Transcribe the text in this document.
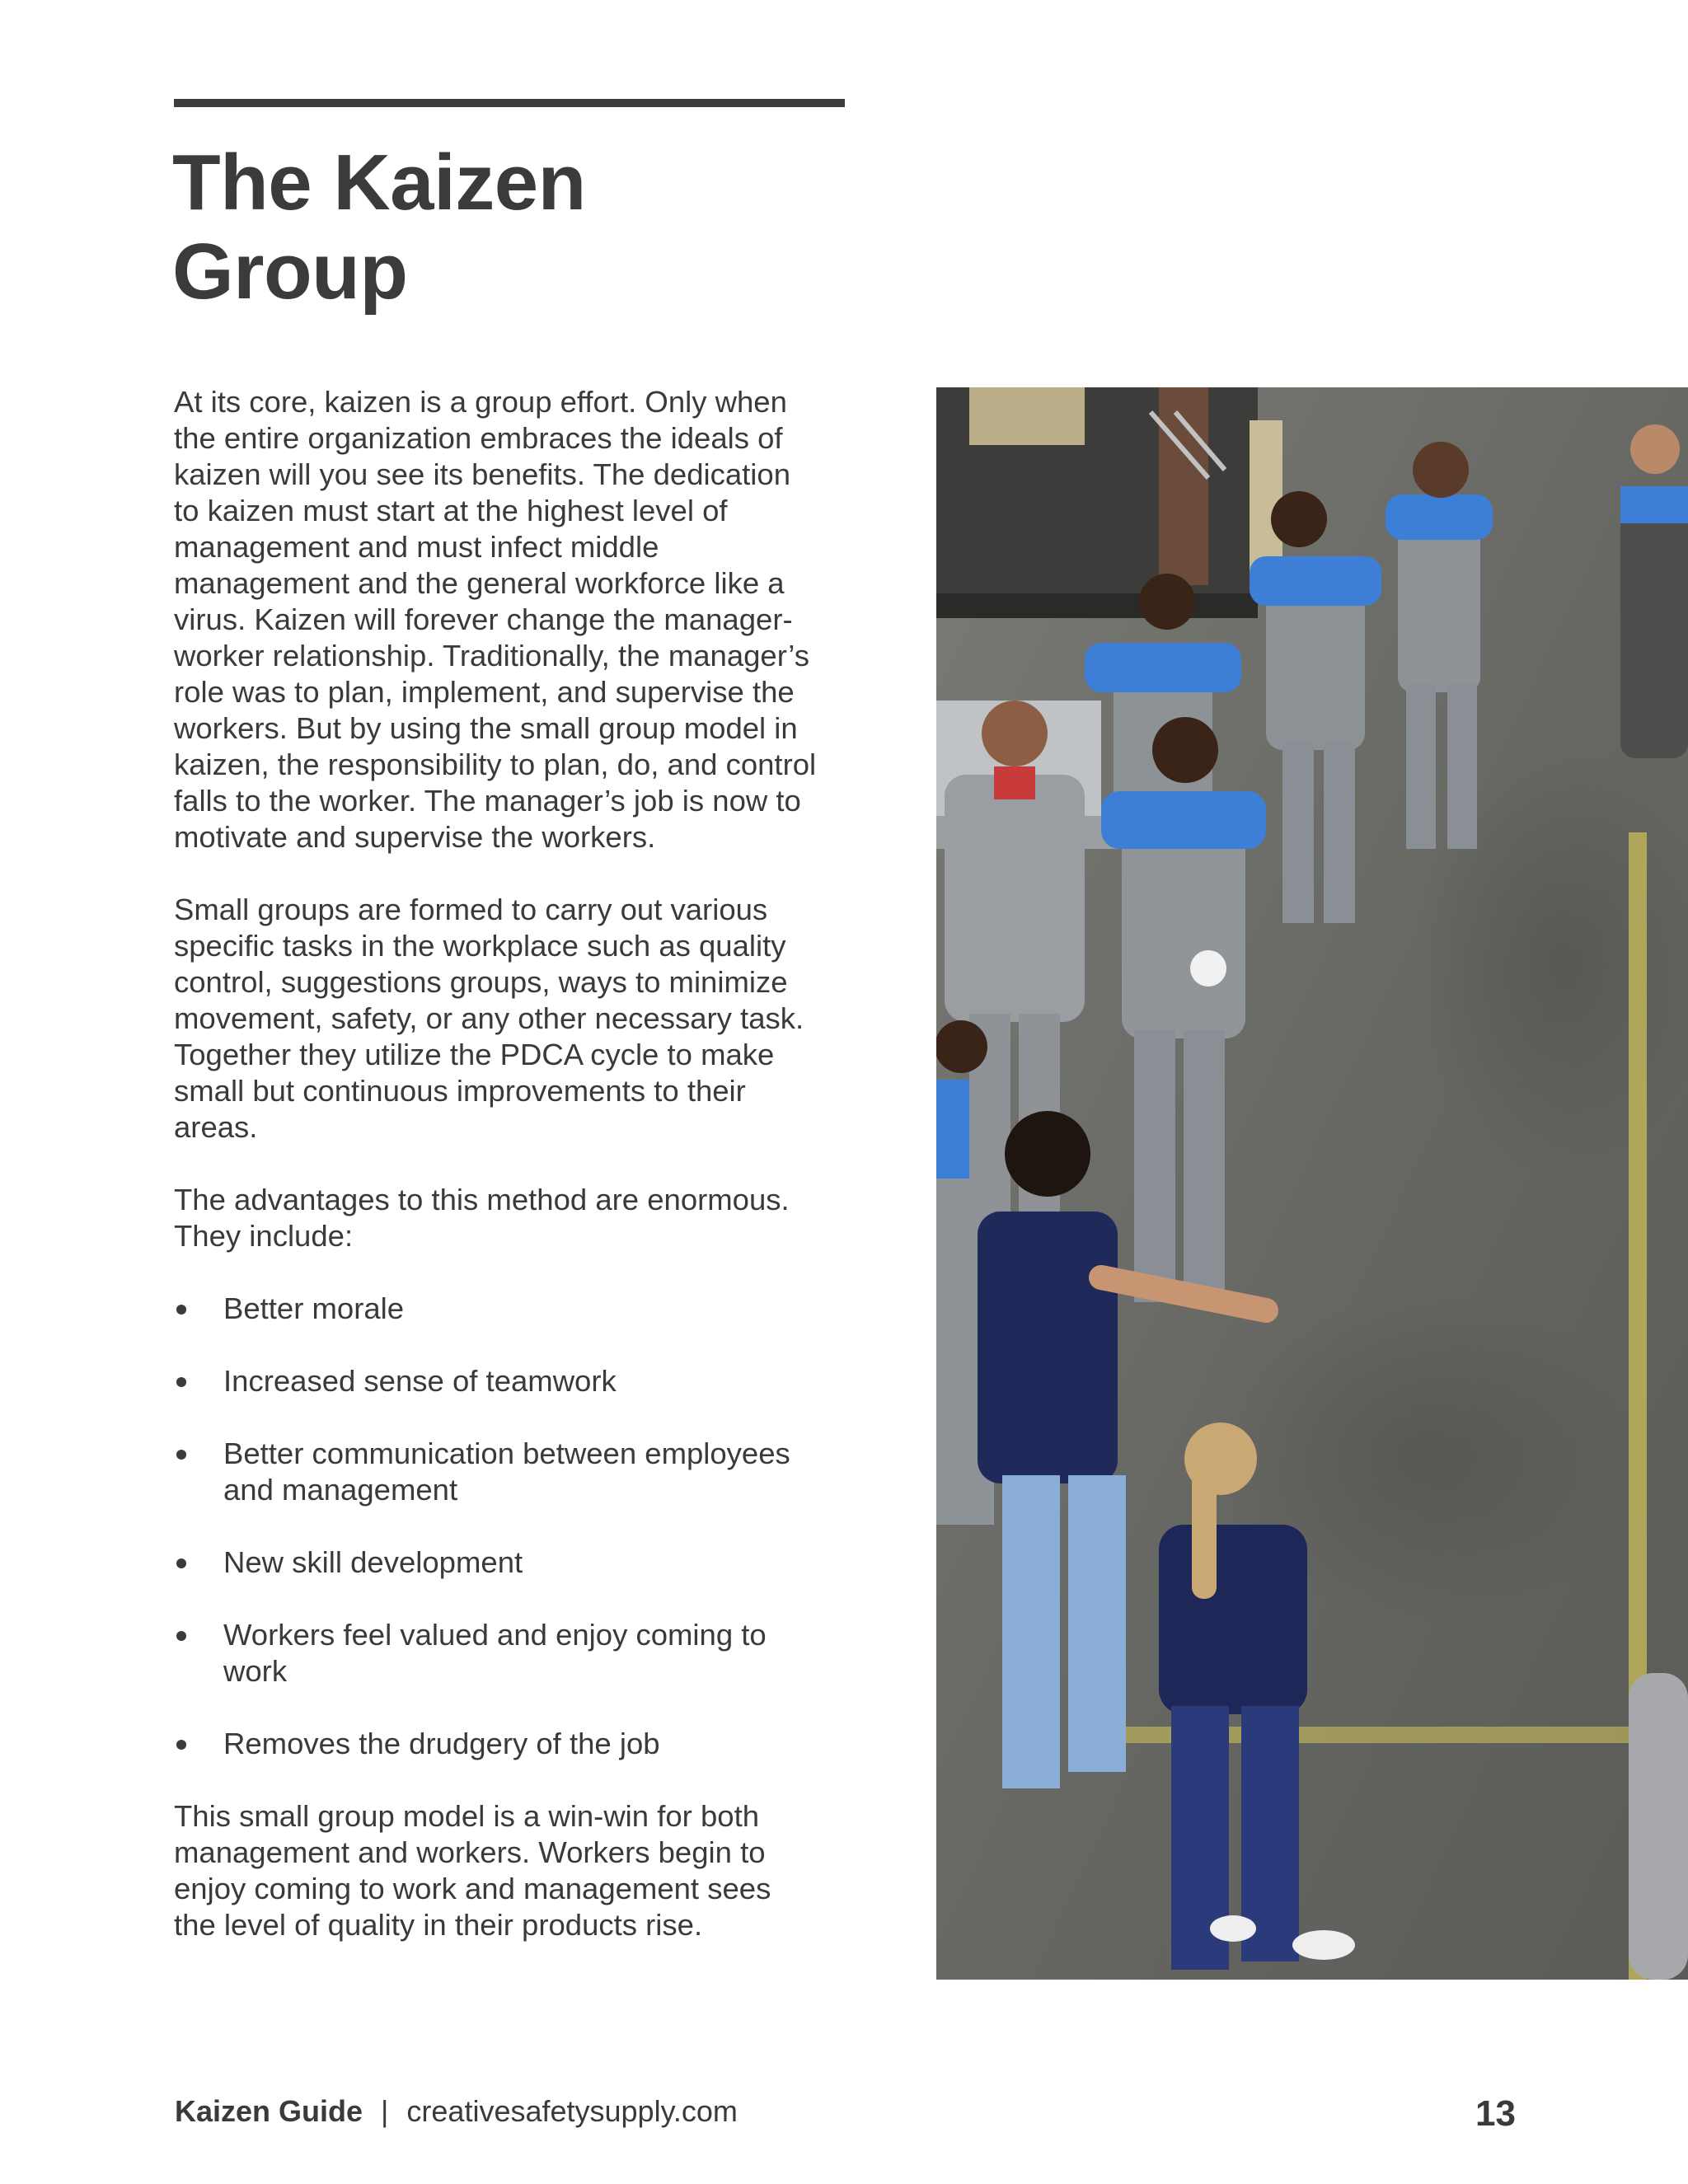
The Kaizen
Group

At its core, kaizen is a group effort. Only when the entire organization embraces the ideals of kaizen will you see its benefits. The dedication to kaizen must start at the highest level of management and must infect middle management and the general workforce like a virus. Kaizen will forever change the manager-worker relationship. Traditionally, the manager’s role was to plan, implement, and supervise the workers. But by using the small group model in kaizen, the responsibility to plan, do, and control falls to the worker. The manager’s job is now to motivate and supervise the workers.

Small groups are formed to carry out various specific tasks in the workplace such as quality control, suggestions groups, ways to minimize movement, safety, or any other necessary task. Together they utilize the PDCA cycle to make small but continuous improvements to their areas.

The advantages to this method are enormous. They include:

Better morale
Increased sense of teamwork
Better communication between employees and management
New skill development
Workers feel valued and enjoy coming to work
Removes the drudgery of the job

This small group model is a win-win for both management and workers. Workers begin to enjoy coming to work and management sees the level of quality in their products rise.

Kaizen Guide | creativesafetysupply.com	13
